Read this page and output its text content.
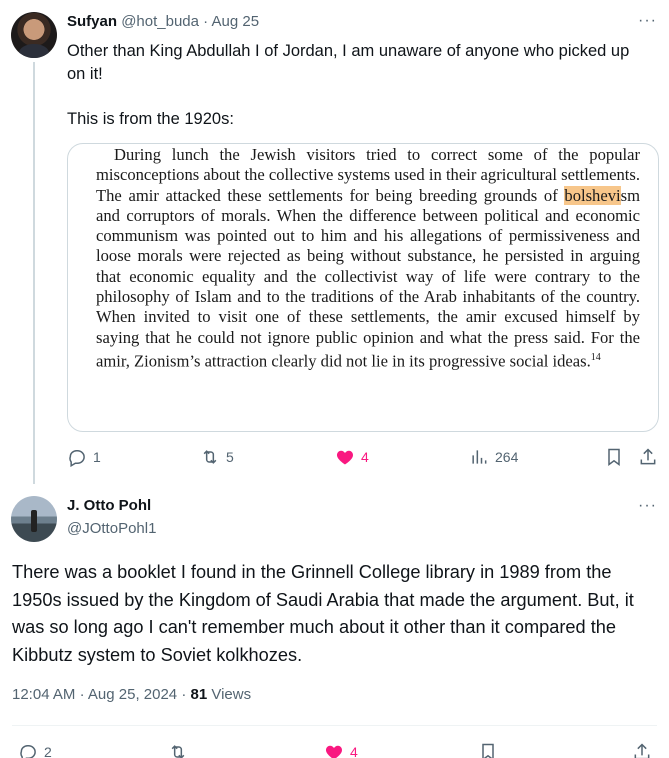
Sufyan @hot_buda · Aug 25	···

Other than King Abdullah I of Jordan, I am unaware of anyone who picked up on it!

This is from the 1920s:

During lunch the Jewish visitors tried to correct some of the popular misconceptions about the collective systems used in their agricultural settlements. The amir attacked these settlements for being breeding grounds of bolshevism and corruptors of morals. When the difference between political and economic communism was pointed out to him and his allegations of permissiveness and loose morals were rejected as being without substance, he persisted in arguing that economic equality and the collectivist way of life were contrary to the philosophy of Islam and to the traditions of the Arab inhabitants of the country. When invited to visit one of these settlements, the amir excused himself by saying that he could not ignore public opinion and what the press said. For the amir, Zionism’s attraction clearly did not lie in its progressive social ideas.$^{14}$

1	5	4	264
J. Otto Pohl
@JOttoPohl1
···
There was a booklet I found in the Grinnell College library in 1989 from the 1950s issued by the Kingdom of Saudi Arabia that made the argument. But, it was so long ago I can't remember much about it other than it compared the Kibbutz system to Soviet kolkhozes.
12:04 AM · Aug 25, 2024 · 81 Views
2	4
